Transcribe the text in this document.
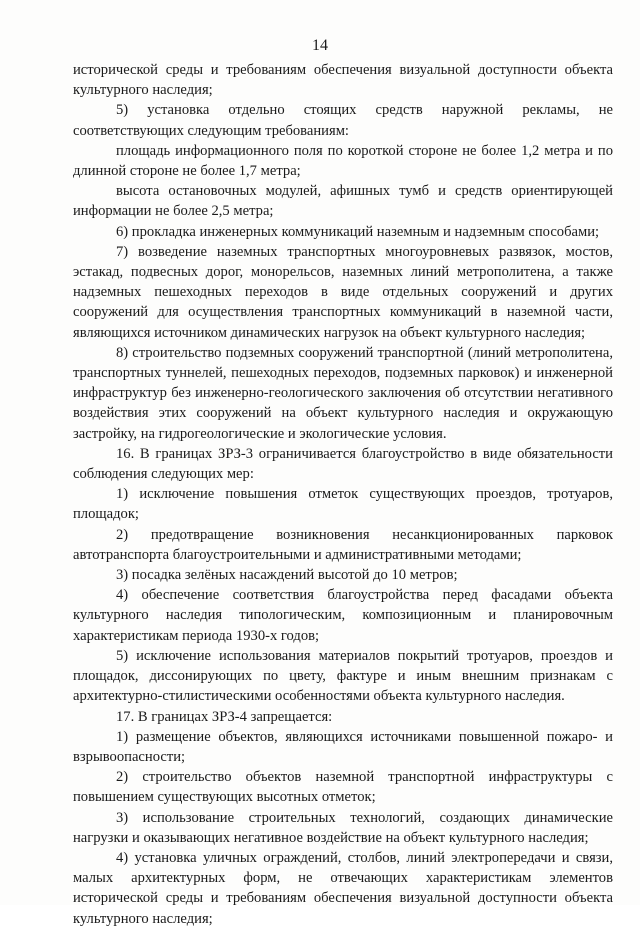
14

исторической среды и требованиям обеспечения визуальной доступности объекта культурного наследия;

5) установка отдельно стоящих средств наружной рекламы, не соответствующих следующим требованиям:

площадь информационного поля по короткой стороне не более 1,2 метра и по длинной стороне не более 1,7 метра;

высота остановочных модулей, афишных тумб и средств ориентирующей информации не более 2,5 метра;

6) прокладка инженерных коммуникаций наземным и надземным способами;

7) возведение наземных транспортных многоуровневых развязок, мостов, эстакад, подвесных дорог, монорельсов, наземных линий метрополитена, а также надземных пешеходных переходов в виде отдельных сооружений и других сооружений для осуществления транспортных коммуникаций в наземной части, являющихся источником динамических нагрузок на объект культурного наследия;

8) строительство подземных сооружений транспортной (линий метрополитена, транспортных туннелей, пешеходных переходов, подземных парковок) и инженерной инфраструктур без инженерно-геологического заключения об отсутствии негативного воздействия этих сооружений на объект культурного наследия и окружающую застройку, на гидрогеологические и экологические условия.

16. В границах ЗРЗ-3 ограничивается благоустройство в виде обязательности соблюдения следующих мер:

1) исключение повышения отметок существующих проездов, тротуаров, площадок;

2) предотвращение возникновения несанкционированных парковок автотранспорта благоустроительными и административными методами;

3) посадка зелёных насаждений высотой до 10 метров;

4) обеспечение соответствия благоустройства перед фасадами объекта культурного наследия типологическим, композиционным и планировочным характеристикам периода 1930-х годов;

5) исключение использования материалов покрытий тротуаров, проездов и площадок, диссонирующих по цвету, фактуре и иным внешним признакам с архитектурно-стилистическими особенностями объекта культурного наследия.

17. В границах ЗРЗ-4 запрещается:

1) размещение объектов, являющихся источниками повышенной пожаро- и взрывоопасности;

2) строительство объектов наземной транспортной инфраструктуры с повышением существующих высотных отметок;

3) использование строительных технологий, создающих динамические нагрузки и оказывающих негативное воздействие на объект культурного наследия;

4) установка уличных ограждений, столбов, линий электропередачи и связи, малых архитектурных форм, не отвечающих характеристикам элементов исторической среды и требованиям обеспечения визуальной доступности объекта культурного наследия;
